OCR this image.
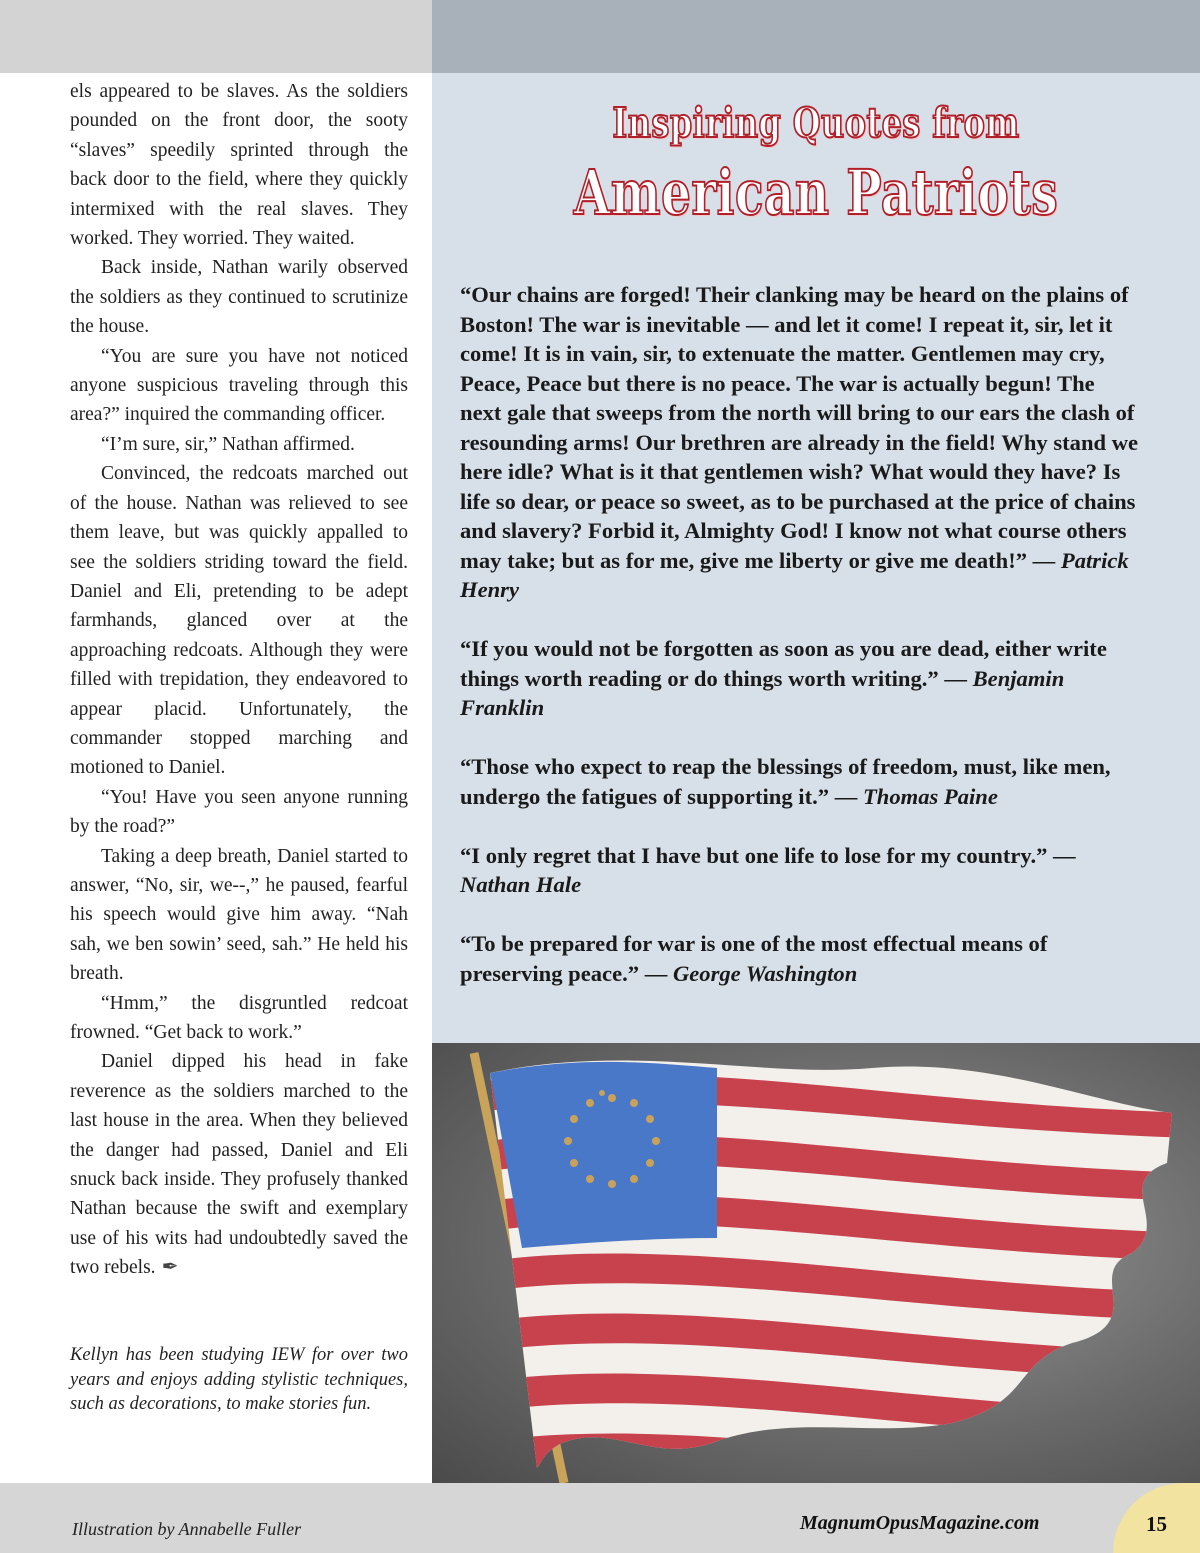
els appeared to be slaves. As the soldiers pounded on the front door, the sooty “slaves” speedily sprinted through the back door to the field, where they quickly intermixed with the real slaves. They worked. They worried. They waited.

Back inside, Nathan warily observed the soldiers as they continued to scrutinize the house.

“You are sure you have not noticed anyone suspicious traveling through this area?” inquired the commanding officer.

“I’m sure, sir,” Nathan affirmed.

Convinced, the redcoats marched out of the house. Nathan was relieved to see them leave, but was quickly appalled to see the soldiers striding toward the field. Daniel and Eli, pretending to be adept farmhands, glanced over at the approaching redcoats. Although they were filled with trepidation, they endeavored to appear placid. Unfortunately, the commander stopped marching and motioned to Daniel.

“You! Have you seen anyone running by the road?”

Taking a deep breath, Daniel started to answer, “No, sir, we--,” he paused, fearful his speech would give him away. “Nah sah, we ben sowin’ seed, sah.” He held his breath.

“Hmm,” the disgruntled redcoat frowned. “Get back to work.”

Daniel dipped his head in fake reverence as the soldiers marched to the last house in the area. When they believed the danger had passed, Daniel and Eli snuck back inside. They profusely thanked Nathan because the swift and exemplary use of his wits had undoubtedly saved the two rebels. ✒

Kellyn has been studying IEW for over two years and enjoys adding stylistic techniques, such as decorations, to make stories fun.
Inspiring Quotes from
American Patriots

“Our chains are forged! Their clanking may be heard on the plains of Boston! The war is inevitable — and let it come! I repeat it, sir, let it come! It is in vain, sir, to extenuate the matter. Gentlemen may cry, Peace, Peace but there is no peace. The war is actually begun! The next gale that sweeps from the north will bring to our ears the clash of resounding arms! Our brethren are already in the field! Why stand we here idle? What is it that gentlemen wish? What would they have? Is life so dear, or peace so sweet, as to be purchased at the price of chains and slavery? Forbid it, Almighty God! I know not what course others may take; but as for me, give me liberty or give me death!” — Patrick Henry

“If you would not be forgotten as soon as you are dead, either write things worth reading or do things worth writing.” — Benjamin Franklin

“Those who expect to reap the blessings of freedom, must, like men, undergo the fatigues of supporting it.” — Thomas Paine

“I only regret that I have but one life to lose for my country.” — Nathan Hale

“To be prepared for war is one of the most effectual means of preserving peace.” — George Washington

Illustration by Annabelle Fuller	MagnumOpusMagazine.com	15
